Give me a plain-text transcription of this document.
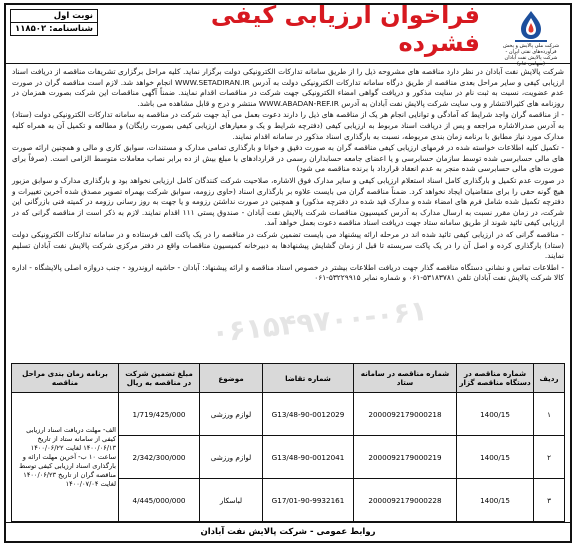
نوبت اول
شناسنامه: ۱۱۸۵۰۲	فراخوان ارزیابی کیفی فشرده	شرکت ملی پالایش و پخش فرآورده‌های نفتی ایران - شرکت پالایش نفت آبادان (سهامی عام)

شرکت پالایش نفت آبادان در نظر دارد مناقصه های مشروحه ذیل را از طریق سامانه تدارکات الکترونیکی دولت برگزار نماید. کلیه مراحل برگزاری تشریفات مناقصه از دریافت اسناد ارزیابی کیفی و سایر مراحل بعدی مناقصه از طریق درگاه سامانه تدارکات الکترونیکی دولت به آدرس WWW.SETADIRAN.IR انجام خواهد شد. لازم است مناقصه گران در صورت عدم عضویت، نسبت به ثبت نام در سایت مذکور و دریافت گواهی امضاء الکترونیکی جهت شرکت در مناقصات اقدام نمایند. ضمناً آگهی مناقصات این شرکت بصورت همزمان در روزنامه های کثیرالانتشار و وب سایت شرکت پالایش نفت آبادان به آدرس WWW.ABADAN-REF.IR منتشر و درج و قابل مشاهده می باشد.

- از مناقصه گران واجد شرایط که آمادگی و توانایی انجام هر یک از مناقصه های ذیل را دارند دعوت بعمل می آید جهت شرکت در مناقصه به سامانه تدارکات الکترونیکی دولت (ستاد) به آدرس صدرالاشاره مراجعه و پس از دریافت اسناد مربوط به ارزیابی کیفی (دفترچه شرایط و یک و معیارهای ارزیابی کیفی بصورت رایگان) و مطالعه و تکمیل آن به همراه کلیه مدارک مورد نیاز مطابق با برنامه زمان بندی مربوطه، نسبت به بارگذاری اسناد مذکور در سامانه اقدام نمایند.

- تکمیل کلیه اطلاعات خواسته شده در فرمهای ارزیابی کیفی مناقصه گران به صورت دقیق و خوانا و بارگذاری تمامی مدارک و مستندات، سوابق کاری و مالی و همچنین ارائه صورت های مالی حسابرسی شده توسط سازمان حسابرسی و یا اعضای جامعه حسابداران رسمی در قراردادهای با مبلغ بیش از ده برابر نصاب معاملات متوسط الزامی است. (صرفاً برای صورت های مالی حسابرسی شده منجر به عدم انعقاد قرارداد با برنده مناقصه می شود)

در صورت عدم تکمیل و بارگذاری کامل اسناد استعلام ارزیابی کیفی و سایر مدارک فوق الاشاره، صلاحیت شرکت کنندگان کامل ارزیابی نخواهد بود و بارگذاری مدارک و سوابق مزبور هیچ گونه حقی را برای متقاضیان ایجاد نخواهد کرد. ضمناً مناقصه گران می بایست علاوه بر بارگذاری اسناد (حاوی رزومه، سوابق شرکت بهمراه تصویر مصدق شده آخرین تغییرات و دفترچه تکمیل شده شامل فرم های امضاء شده و مدارک قید شده در دفترچه مذکور) و همچنین در صورت نداشتن رزومه و یا جهت به روز رسانی رزومه در کمیته فنی بازرگانی این شرکت، در زمان مقرر نسبت به ارسال مدارک به آدرس کمیسیون مناقصات شرکت پالایش نفت آبادان - صندوق پستی ۱۱۱ اقدام نمایند. لازم به ذکر است از مناقصه گرانی که در ارزیابی کیفی تائید شوند از طریق سامانه ستاد جهت دریافت اسناد مناقصه دعوت بعمل خواهد آمد.

- مناقصه گرانی که در ارزیابی کیفی تائید شده اند در مرحله ارائه پیشنهاد می بایست تضمین شرکت در مناقصه را در یک پاکت الف فرستاده و در سامانه تدارکات الکترونیکی دولت (ستاد) بارگذاری کرده و اصل آن را در یک پاکت سربسته تا قبل از زمان گشایش پیشنهادها به دبیرخانه کمیسیون مناقصات واقع در دفتر مرکزی شرکت پالایش نفت آبادان تسلیم نمایند.

- اطلاعات تماس و نشانی دستگاه مناقصه گذار جهت دریافت اطلاعات بیشتر در خصوص اسناد مناقصه و ارائه پیشنهاد: آبادان - حاشیه اروندرود - جنب دروازه اصلی پالایشگاه - اداره کالا شرکت پالایش نفت آبادان تلفن ۵۳۱۸۳۷۸۱-۰۶۱ و شماره نمابر ۵۳۲۲۹۹۱۵-۰۶۱

۰۶۱۵۴۹۷۰۰-۰۶۱
ردیف	شماره مناقصه در دستگاه مناقصه گزار	شماره مناقصه در سامانه ستاد	شماره تقاضا	موضوع	مبلغ تضمین شرکت در مناقصه به ریال	برنامه زمان بندی مراحل مناقصه
۱	1400/15	2000092179000218	48-90-0012029/G13	لوازم ورزشی	1/719/425/000	الف- مهلت دریافت اسناد ارزیابی کیفی از سامانه ستاد از تاریخ ۱۴۰۰/۰۶/۱۳ لغایت ۱۴۰۰/۰۶/۲۲ ساعت ۱۰ ب- آخرین مهلت ارائه و بارگذاری اسناد ارزیابی کیفی توسط مناقصه گران از تاریخ ۱۴۰۰/۰۶/۲۳ لغایت ۱۴۰۰/۰۷/۰۴
۲	1400/15	2000092179000219	48-90-0012041/G13	لوازم ورزشی	2/342/300/000	
۳	1400/15	2000092179000228	01-90-9932161/G17	لباسکار	4/445/000/000	
روابط عمومی - شرکت پالایش نفت آبادان
